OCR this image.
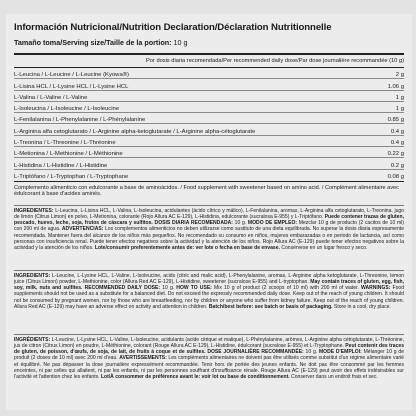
Información Nutricional/Nutrition Declaration/Déclaration Nutritionnelle
Tamaño toma/Serving size/Taille de la portion: 10 g
Por dosis diaria recomendada/Per recommended daily dose/Par dose journalière recommandée (10 g)
L-Leucina / L-Leucine / L-Leucine (Kyowa®)	2 g
L-Lisina HCL / L-Lysine HCL / L-Lysine HCL	1.06 g
L-Valina / L-Valine / L-Valine	1 g
L-Isoleucina / L-Isoleucine / L-Isoleucine	1 g
L-Fenilalanina / L-Phenylalanine / L-Phénylalanine	0.85 g
L-Arginina alfa cetoglutarato / L-Arginine alpha-ketoglutarate / L-Arginine alpha-cétoglutarate	0.4 g
L-Treonina / L-Threonine / L-Thréonine	0.4 g
L-Metionina / L-Methionine / L-Méthionine	0.22 g
L-Histidina / L-Histidine / L-Histidine	0.2 g
L-Triptófano / L-Tryptophan / L-Tryptophane	0.08 g
Complemento alimenticio con edulcorante a base de aminoácidos. / Food supplement with sweetener based on amino acid. / Complément alimentaire avec édulcorant à base d'acides aminés.
INGREDIENTES: L-Leucina, L-Lisina HCL, L-Valina, L-Isoleucina, acidulantes (ácido cítrico y málico), L-Fenilalanina, aromas, L-Arginina alfa cetoglutarato, L-Treonina, jugo de limón (Citrus Limon) en polvo, L-Metionina, colorante (Rojo Allura AC E-129), L-Histidina, edulcorante (sucralosa E-955) y L-Triptófano. Puede contener trazas de gluten, pescado, huevo, leche, soja, frutos de cáscara y sulfitos. DOSIS DIARIA RECOMENDADA: 10 g. MODO DE EMPLEO: Mezclar 10 g de producto (2 cacitos de 10 ml) con 200 ml de agua. ADVERTENCIAS: Los complementos alimenticios no deben utilizarse como sustituto de una dieta equilibrada. No superar la dosis diaria expresamente recomendada. Mantener fuera del alcance de los niños más pequeños. No recomendado su consumo en niños, mujeres embarazadas o en periodo de lactancia, así como personas con insuficiencia renal. Puede tener efectos negativos sobre la actividad y la atención de los niños. Rojo Allura AC (E-129) puede tener efectos negativos sobre la actividad y la atención de los niños. Lote/consumir preferentemente antes de: ver lote o fecha en base de envase. Consérvese en un lugar fresco y seco.
INGREDIENTS: L-Leucine, L-Lysine HCL, L-Valine, L-Isoleucine, acids (citric and malic acid), L-Phenylalanine, aromas, L-Arginine alpha ketoglutarate, L-Threonine, lemon juice (Citrus Limon) powder, L-Methionine, color (Allura Red AC E-129), L-Histidine, sweetener (sucralose E-955) and L-tryptophan. May contain traces of gluten, egg, fish, soy, milk, nuts and sulfites. RECOMMENDED DAILY DOSE: 10 g. HOW TO USE: Mix 10 g of product (2 scoops of 10 ml) with 200 ml of water. WARNINGS: Food supplements should not be used as a substitute for a balanced diet. Do not exceed the expressly recommended daily dose. Keep out of the reach of young children. It should not be consumed by pregnant women, nor by those who are breastfeeding, nor by children or anyone who suffer from kidney failure. Keep out of the reach of young children. Allura Red AC (E-129) may have an adverse effect on activity and attention in children. Batch/best before: see batch or basis of packaging. Store in a cool, dry place.
INGRÉDIENTS: L-Leucine, L-Lysine HCL, L-Valine, L-Isoleucine, acidulants (acide citrique et malique), L-Phénylalanine, arômes, L-Arginine alpha cétoglutarate, L-Thréonine, jus de citron (Citrus Limon) en poudre, L-Méthionine, colorant (Rouge Allura AC E-129), L-Histidine, édulcorant (sucralose E-955) et L-Tryptophane. Peut contenir des traces de gluten, de poisson, d'œufs, de soja, de lait, de fruits à coque et de sulfites. DOSE JOURNALIÈRE RECOMMANDÉE: 10 g. MODE D'EMPLOI: Mélanger 10 g de produit (2 doses de 10 ml) avec 200 ml d'eau. AVERTISSEMENTS: Les compléments alimentaires ne doivent pas être utilisés comme substitut d'un régime alimentaire varié et équilibré. Ne pas dépasser la dose journalière expressément recommandée. Tenir hors de portée des jeunes enfants. Ne doit pas être consommé par les femmes enceintes, ni par celles qui allaitent, ni par les enfants, ni par les personnes souffrant d'insuffisance rénale. Rouge Allura AC (E-129) peut avoir des effets indésirables sur l'activité et l'attention chez les enfants. Lot/À consommer de préférence avant le: voir lot ou base de conditionnement. Conserver dans un endroit frais et sec.
